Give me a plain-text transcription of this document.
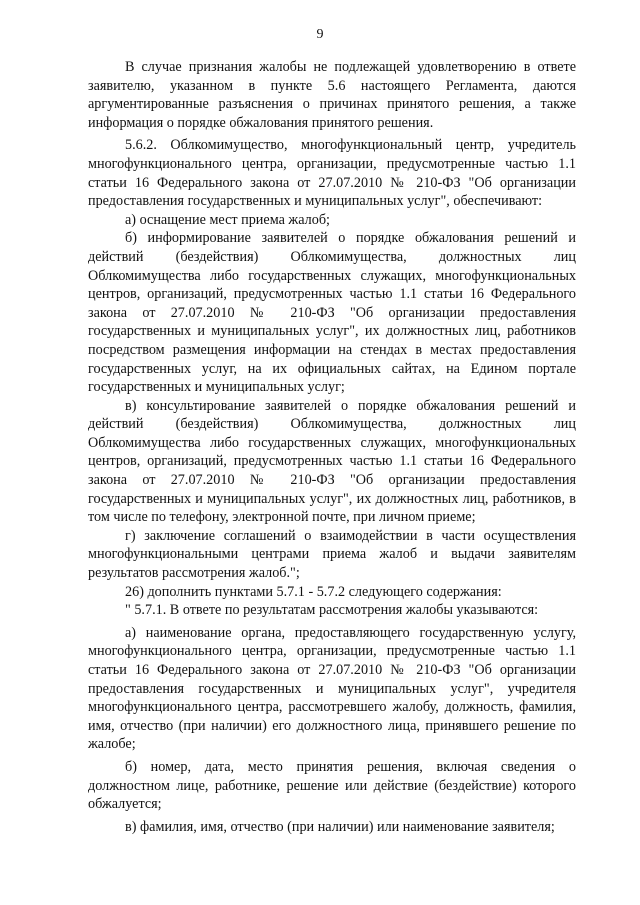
9

В случае признания жалобы не подлежащей удовлетворению в ответе заявителю, указанном в пункте 5.6 настоящего Регламента, даются аргументированные разъяснения о причинах принятого решения, а также информация о порядке обжалования принятого решения.

5.6.2. Облкомимущество, многофункциональный центр, учредитель многофункционального центра, организации, предусмотренные частью 1.1 статьи 16 Федерального закона от 27.07.2010 № 210-ФЗ "Об организации предоставления государственных и муниципальных услуг", обеспечивают:

а) оснащение мест приема жалоб;

б) информирование заявителей о порядке обжалования решений и действий (бездействия) Облкомимущества, должностных лиц Облкомимущества либо государственных служащих, многофункциональных центров, организаций, предусмотренных частью 1.1 статьи 16 Федерального закона от 27.07.2010 № 210-ФЗ "Об организации предоставления государственных и муниципальных услуг", их должностных лиц, работников посредством размещения информации на стендах в местах предоставления государственных услуг, на их официальных сайтах, на Едином портале государственных и муниципальных услуг;

в) консультирование заявителей о порядке обжалования решений и действий (бездействия) Облкомимущества, должностных лиц Облкомимущества либо государственных служащих, многофункциональных центров, организаций, предусмотренных частью 1.1 статьи 16 Федерального закона от 27.07.2010 № 210-ФЗ "Об организации предоставления государственных и муниципальных услуг", их должностных лиц, работников, в том числе по телефону, электронной почте, при личном приеме;

г) заключение соглашений о взаимодействии в части осуществления многофункциональными центрами приема жалоб и выдачи заявителям результатов рассмотрения жалоб.";

26) дополнить пунктами 5.7.1 - 5.7.2 следующего содержания:

" 5.7.1. В ответе по результатам рассмотрения жалобы указываются:

а) наименование органа, предоставляющего государственную услугу, многофункционального центра, организации, предусмотренные частью 1.1 статьи 16 Федерального закона от 27.07.2010 № 210-ФЗ "Об организации предоставления государственных и муниципальных услуг", учредителя многофункционального центра, рассмотревшего жалобу, должность, фамилия, имя, отчество (при наличии) его должностного лица, принявшего решение по жалобе;

б) номер, дата, место принятия решения, включая сведения о должностном лице, работнике, решение или действие (бездействие) которого обжалуется;

в) фамилия, имя, отчество (при наличии) или наименование заявителя;
